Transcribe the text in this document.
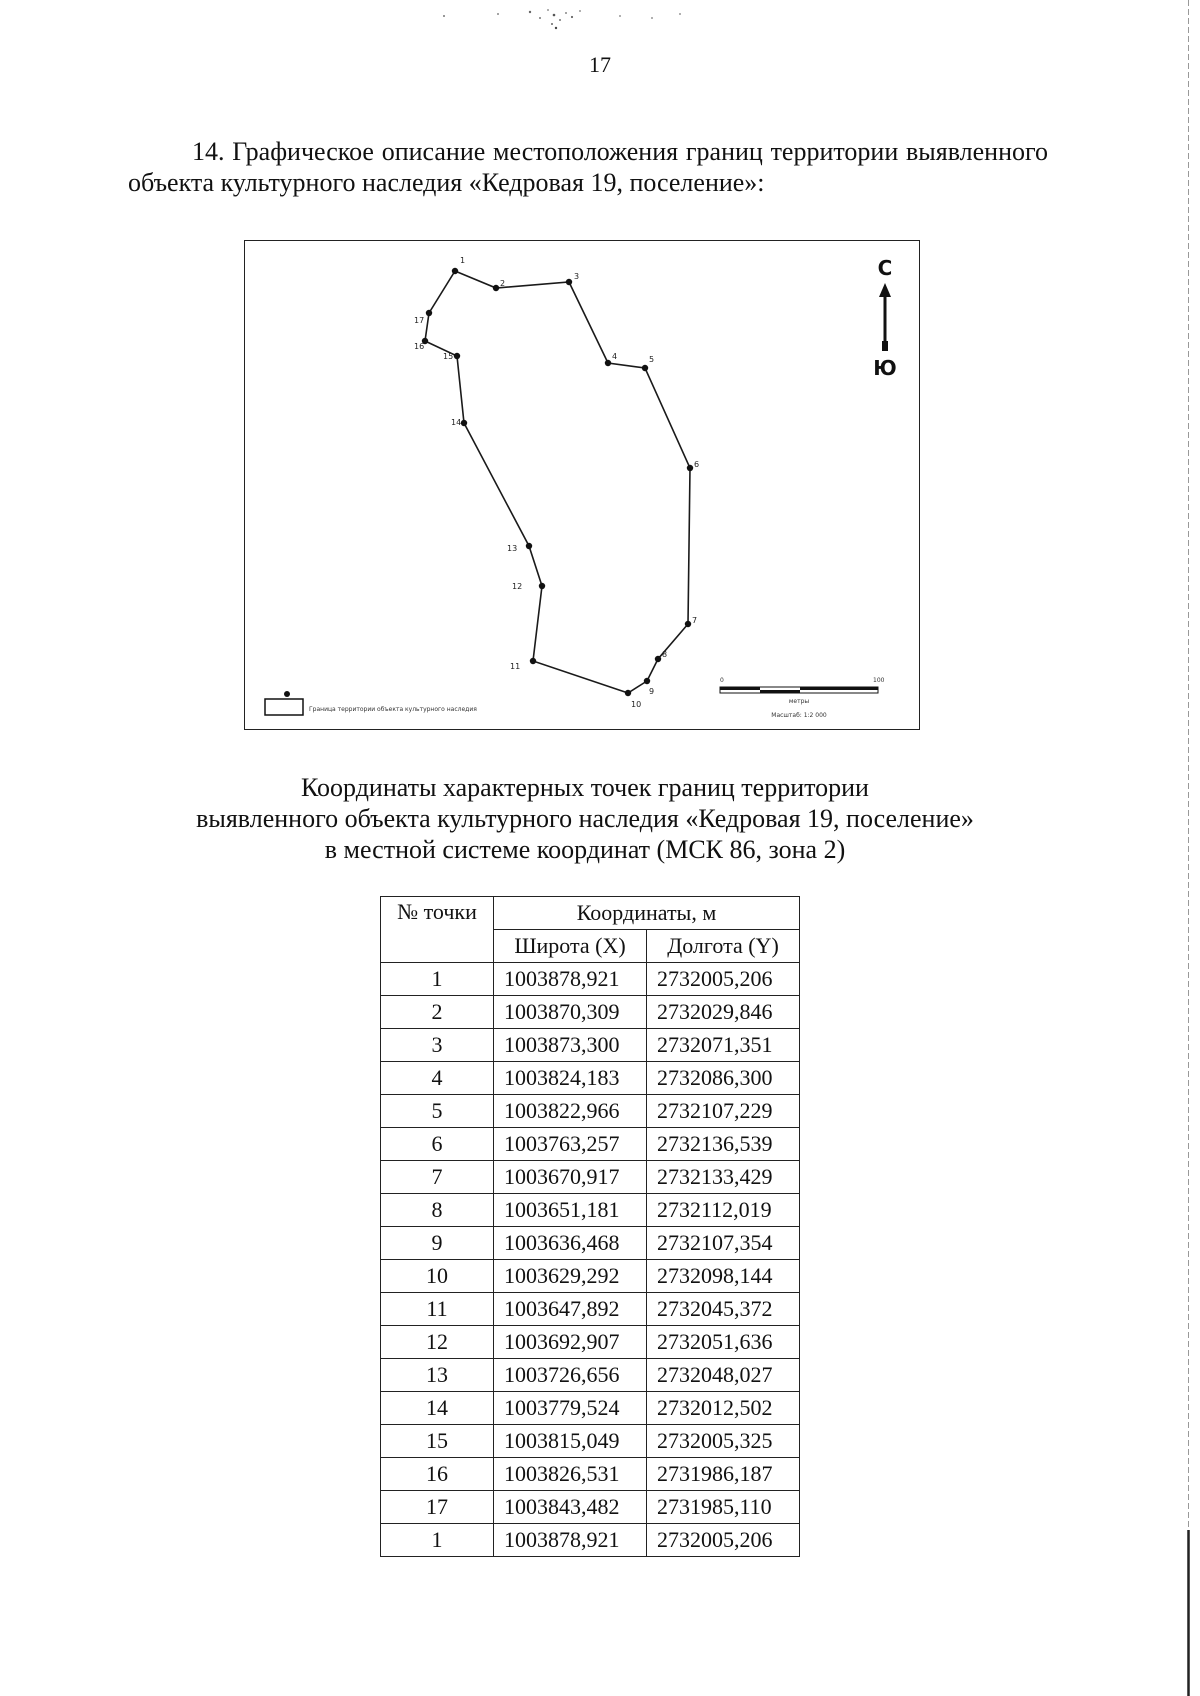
17
14. Графическое описание местоположения границ территории выявленного объекта культурного наследия «Кедровая 19, поселение»:
1
2
3
4	5
6
7
8
9
10
11
12
13
14
15
16
17
С
Ю
Граница территории объекта культурного наследия
0	100
метры
Масштаб: 1:2 000
Координаты характерных точек границ территории
выявленного объекта культурного наследия «Кедровая 19, поселение»
в местной системе координат (МСК 86, зона 2)
№ точки	Координаты, м	
	Широта (X)	Долгота (Y)
1	1003878,921	2732005,206
2	1003870,309	2732029,846
3	1003873,300	2732071,351
4	1003824,183	2732086,300
5	1003822,966	2732107,229
6	1003763,257	2732136,539
7	1003670,917	2732133,429
8	1003651,181	2732112,019
9	1003636,468	2732107,354
10	1003629,292	2732098,144
11	1003647,892	2732045,372
12	1003692,907	2732051,636
13	1003726,656	2732048,027
14	1003779,524	2732012,502
15	1003815,049	2732005,325
16	1003826,531	2731986,187
17	1003843,482	2731985,110
1	1003878,921	2732005,206
